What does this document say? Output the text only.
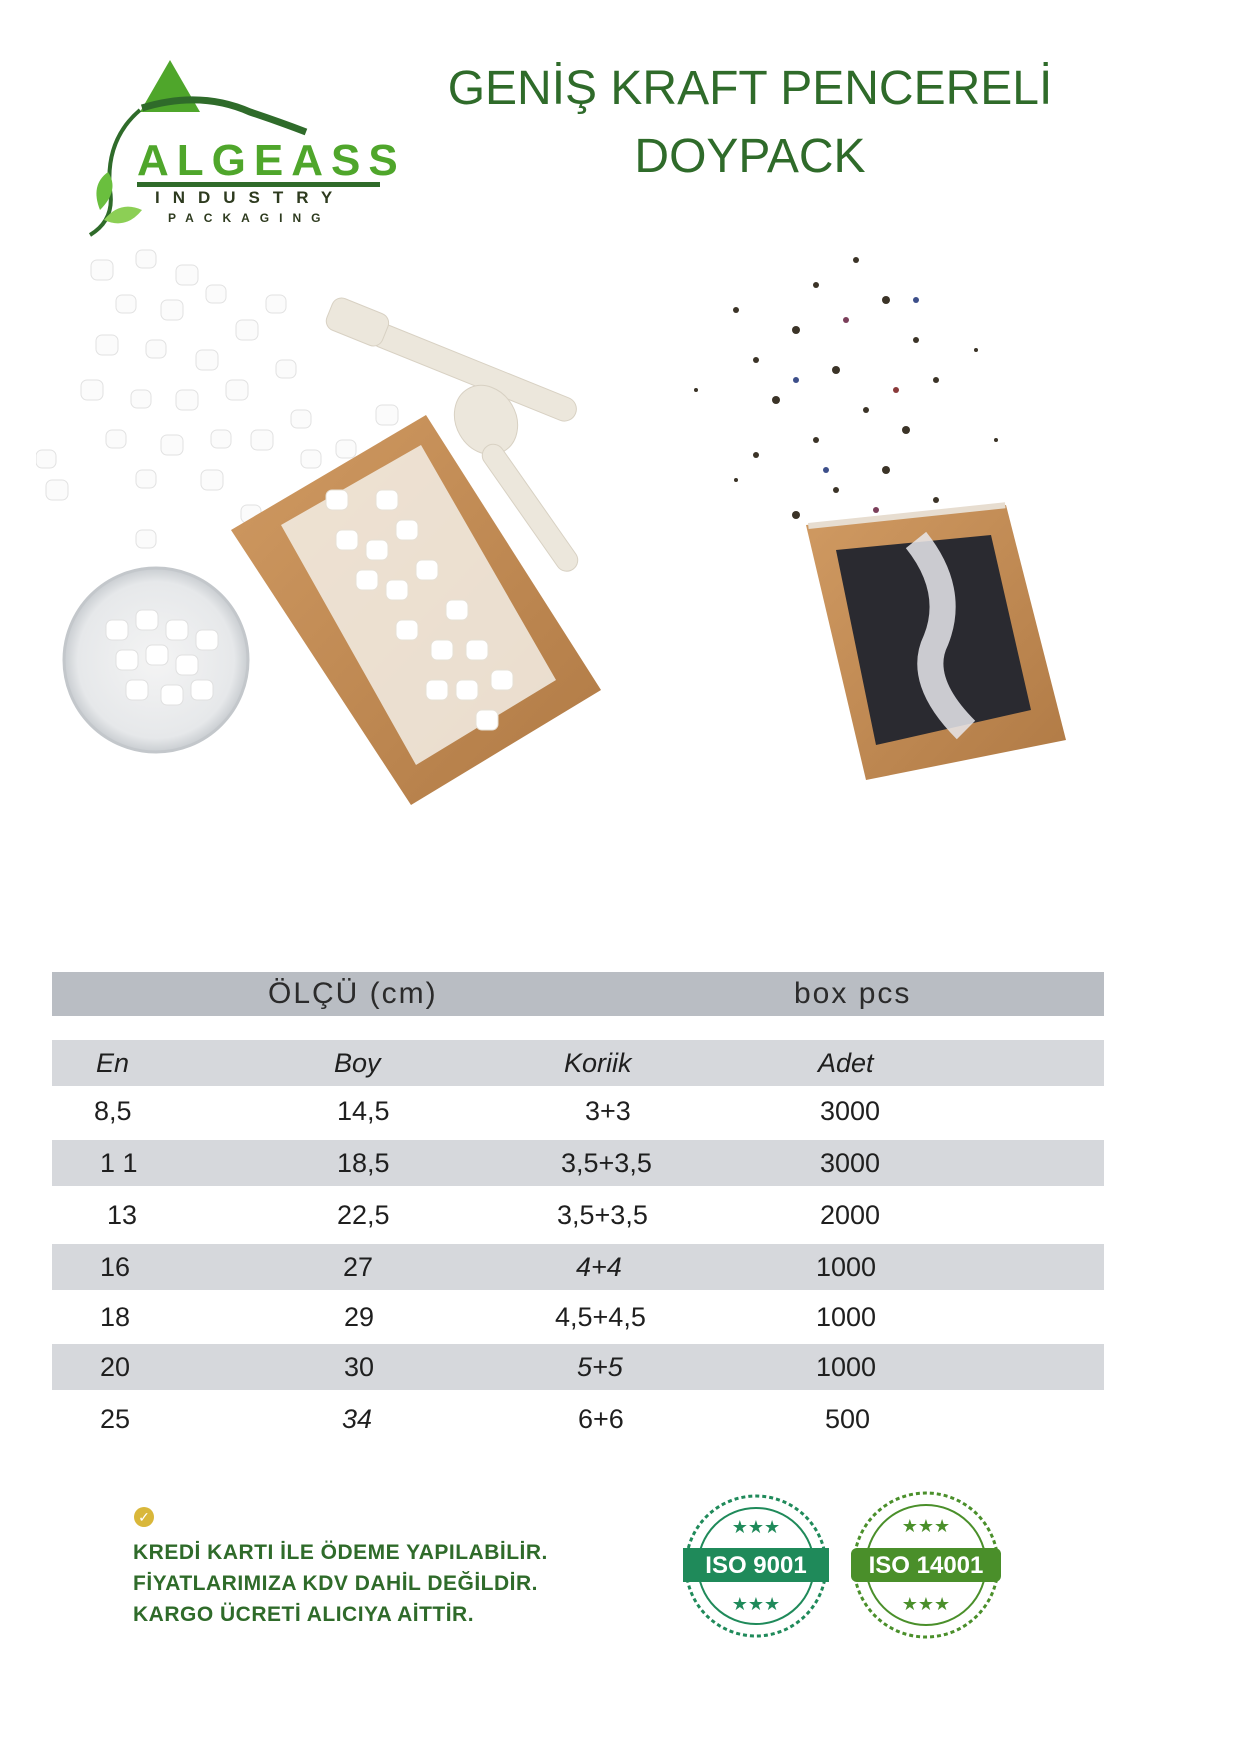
ALGEASS
INDUSTRY
PACKAGING
GENİŞ KRAFT PENCERELİ
DOYPACK
ÖLÇÜ (cm)	box pcs
En	Boy	Koriik	Adet
8,5	14,5	3+3	3000
1 1	18,5	3,5+3,5	3000
13	22,5	3,5+3,5	2000
16	27	4+4	1000
18	29	4,5+4,5	1000
20	30	5+5	1000
25	34	6+6	500
✓
KREDİ KARTI İLE ÖDEME YAPILABİLİR.
FİYATLARIMIZA KDV DAHİL DEĞİLDİR.
KARGO ÜCRETİ ALICIYA AİTTİR.
★★★
ISO 9001
★★★
★★★
ISO 14001
★★★
